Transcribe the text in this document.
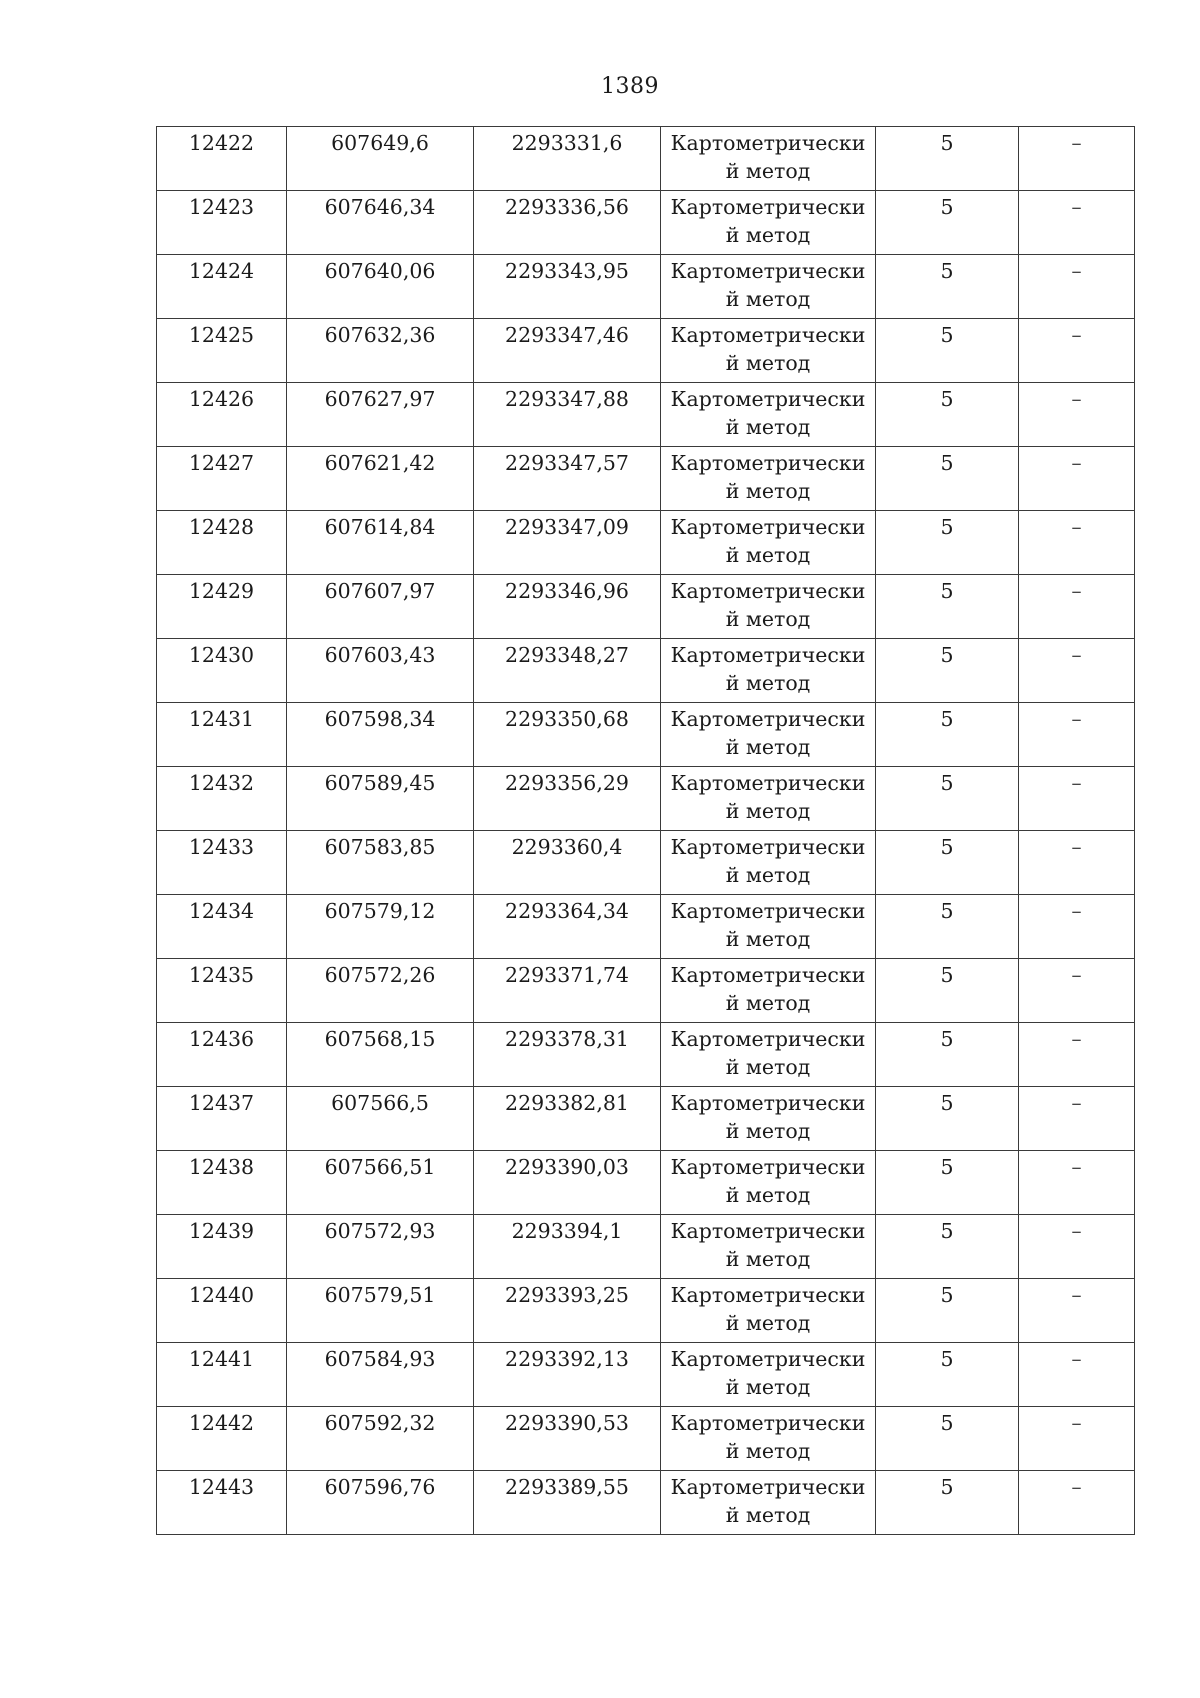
1389
12422	607649,6	2293331,6	Картометрически
й метод	5	–

12423	607646,34	2293336,56	Картометрически
й метод	5	–

12424	607640,06	2293343,95	Картометрически
й метод	5	–

12425	607632,36	2293347,46	Картометрически
й метод	5	–

12426	607627,97	2293347,88	Картометрически
й метод	5	–

12427	607621,42	2293347,57	Картометрически
й метод	5	–

12428	607614,84	2293347,09	Картометрически
й метод	5	–

12429	607607,97	2293346,96	Картометрически
й метод	5	–

12430	607603,43	2293348,27	Картометрически
й метод	5	–

12431	607598,34	2293350,68	Картометрически
й метод	5	–

12432	607589,45	2293356,29	Картометрически
й метод	5	–

12433	607583,85	2293360,4	Картометрически
й метод	5	–

12434	607579,12	2293364,34	Картометрически
й метод	5	–

12435	607572,26	2293371,74	Картометрически
й метод	5	–

12436	607568,15	2293378,31	Картометрически
й метод	5	–

12437	607566,5	2293382,81	Картометрически
й метод	5	–

12438	607566,51	2293390,03	Картометрически
й метод	5	–

12439	607572,93	2293394,1	Картометрически
й метод	5	–

12440	607579,51	2293393,25	Картометрически
й метод	5	–

12441	607584,93	2293392,13	Картометрически
й метод	5	–

12442	607592,32	2293390,53	Картометрически
й метод	5	–

12443	607596,76	2293389,55	Картометрически
й метод	5	–
